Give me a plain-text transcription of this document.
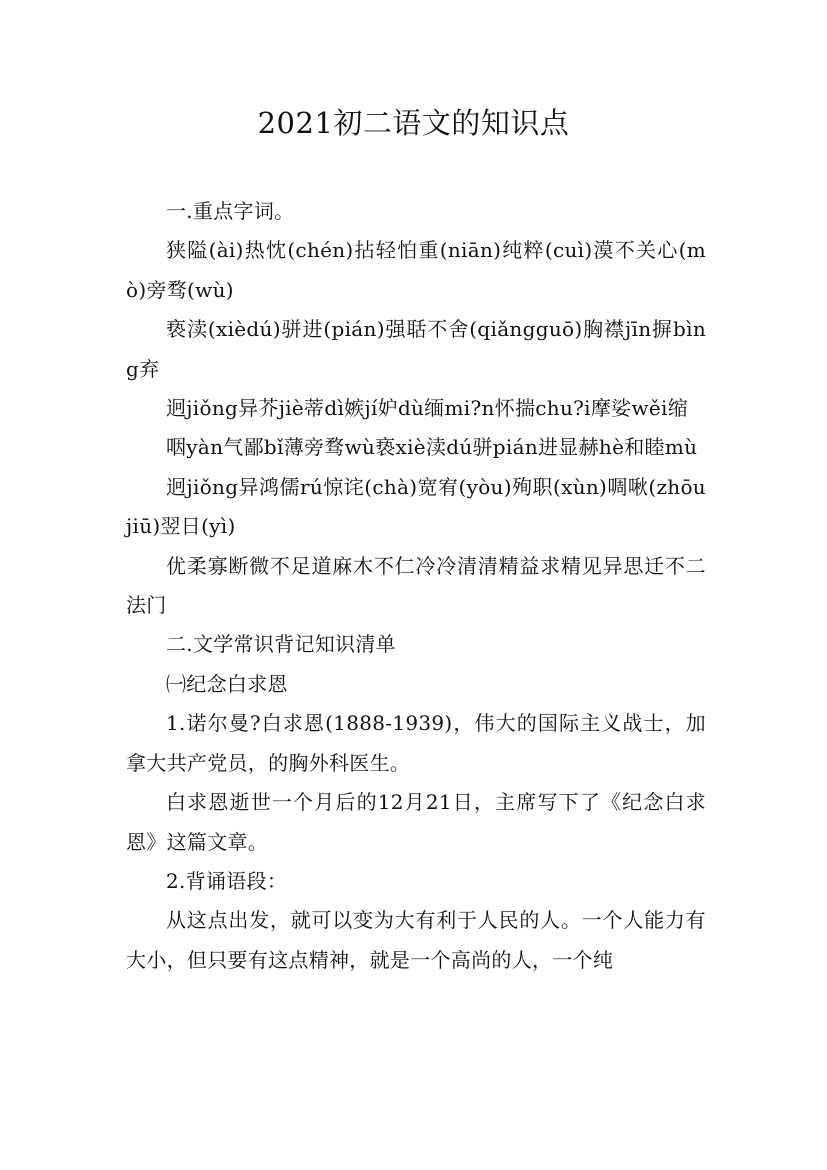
2021初二语文的知识点

一.重点字词。

狭隘(ài)热忱(chén)拈轻怕重(niān)纯粹(cuì)漠不关心(mò)旁骛(wù)

亵渎(xièdú)骈进(pián)强聒不舍(qiǎngguō)胸襟jīn摒bìng弃

迥jiǒng异芥jiè蒂dì嫉jí妒dù缅mi?n怀揣chu?i摩娑wěi缩

咽yàn气鄙bǐ薄旁骛wù亵xiè渎dú骈pián进显赫hè和睦mù

迥jiǒng异鸿儒rú惊诧(chà)宽宥(yòu)殉职(xùn)啁啾(zhōujiū)翌日(yì)

优柔寡断微不足道麻木不仁冷冷清清精益求精见异思迁不二法门

二.文学常识背记知识清单

㈠纪念白求恩

1.诺尔曼?白求恩(1888-1939)，伟大的国际主义战士，加拿大共产党员，的胸外科医生。

白求恩逝世一个月后的12月21日，主席写下了《纪念白求恩》这篇文章。

2.背诵语段：

从这点出发，就可以变为大有利于人民的人。一个人能力有大小，但只要有这点精神，就是一个高尚的人，一个纯
